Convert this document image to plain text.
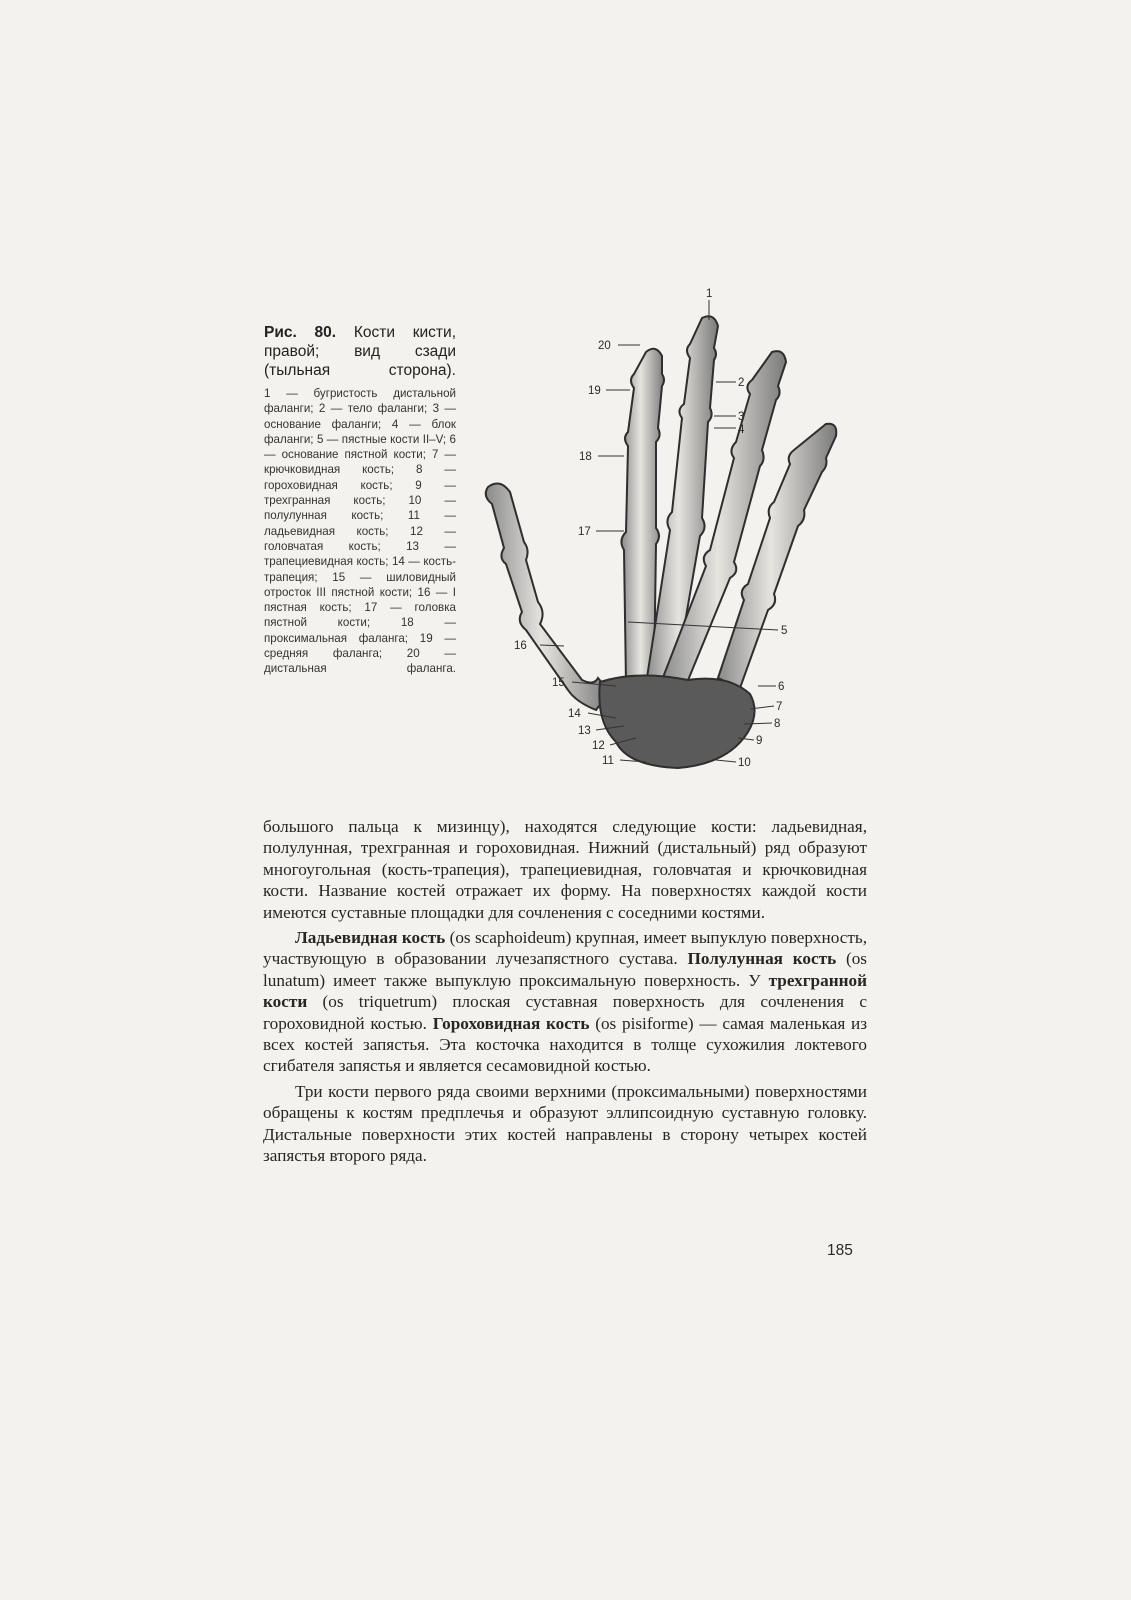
Рис. 80. Кости кисти, правой; вид сзади (тыльная сторона).

1 — бугристость дистальной фаланги; 2 — тело фаланги; 3 — основание фаланги; 4 — блок фаланги; 5 — пястные кости II–V; 6 — основание пястной кости; 7 — крючковидная кость; 8 — гороховидная кость; 9 — трехгранная кость; 10 — полулунная кость; 11 — ладьевидная кость; 12 — головчатая кость; 13 — трапециевидная кость; 14 — кость-трапеция; 15 — шиловидный отросток III пястной кости; 16 — I пястная кость; 17 — головка пястной кости; 18 — проксимальная фаланга; 19 — средняя фаланга; 20 — дистальная фаланга.

1
2
3
4
5
6
7
8
9
10
11
12
13
14
15
16
17
18
19
20

большого пальца к мизинцу), находятся следующие кости: ладьевидная, полулунная, трехгранная и гороховидная. Нижний (дистальный) ряд образуют многоугольная (кость-трапеция), трапециевидная, головчатая и крючковидная кости. Название костей отражает их форму. На поверхностях каждой кости имеются суставные площадки для сочленения с соседними костями.

Ладьевидная кость (os scaphoideum) крупная, имеет выпуклую поверхность, участвующую в образовании лучезапястного сустава. Полулунная кость (os lunatum) имеет также выпуклую проксимальную поверхность. У трехгранной кости (os triquetrum) плоская суставная поверхность для сочленения с гороховидной костью. Гороховидная кость (os pisiforme) — самая маленькая из всех костей запястья. Эта косточка находится в толще сухожилия локтевого сгибателя запястья и является сесамовидной костью.

Три кости первого ряда своими верхними (проксимальными) поверхностями обращены к костям предплечья и образуют эллипсоидную суставную головку. Дистальные поверхности этих костей направлены в сторону четырех костей запястья второго ряда.

185
